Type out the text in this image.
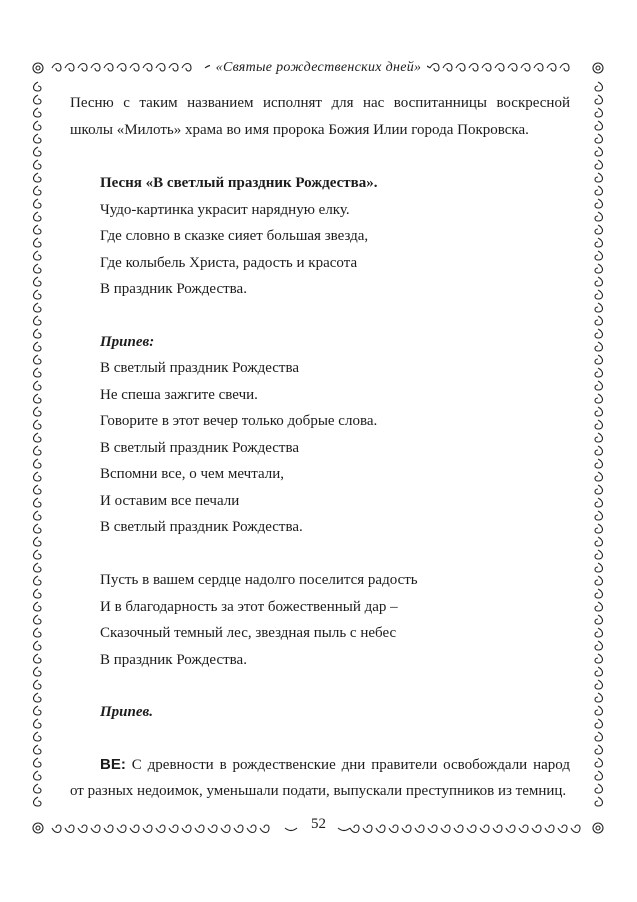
«Святые рождественских дней»

Песню с таким названием исполнят для нас воспитанницы воскресной школы «Милоть» храма во имя пророка Божия Илии города Покровска.

Песня «В светлый праздник Рождества».
Чудо-картинка украсит нарядную елку.
Где словно в сказке сияет большая звезда,
Где колыбель Христа, радость и красота
В праздник Рождества.
Припев:
В светлый праздник Рождества
Не спеша зажгите свечи.
Говорите в этот вечер только добрые слова.
В светлый праздник Рождества
Вспомни все, о чем мечтали,
И оставим все печали
В светлый праздник Рождества.
Пусть в вашем сердце надолго поселится радость
И в благодарность за этот божественный дар –
Сказочный темный лес, звездная пыль с небес
В праздник Рождества.
Припев.

ВЕ: С древности в рождественские дни правители освобождали народ от разных недоимок, уменьшали подати, выпускали преступников из темниц.

52
